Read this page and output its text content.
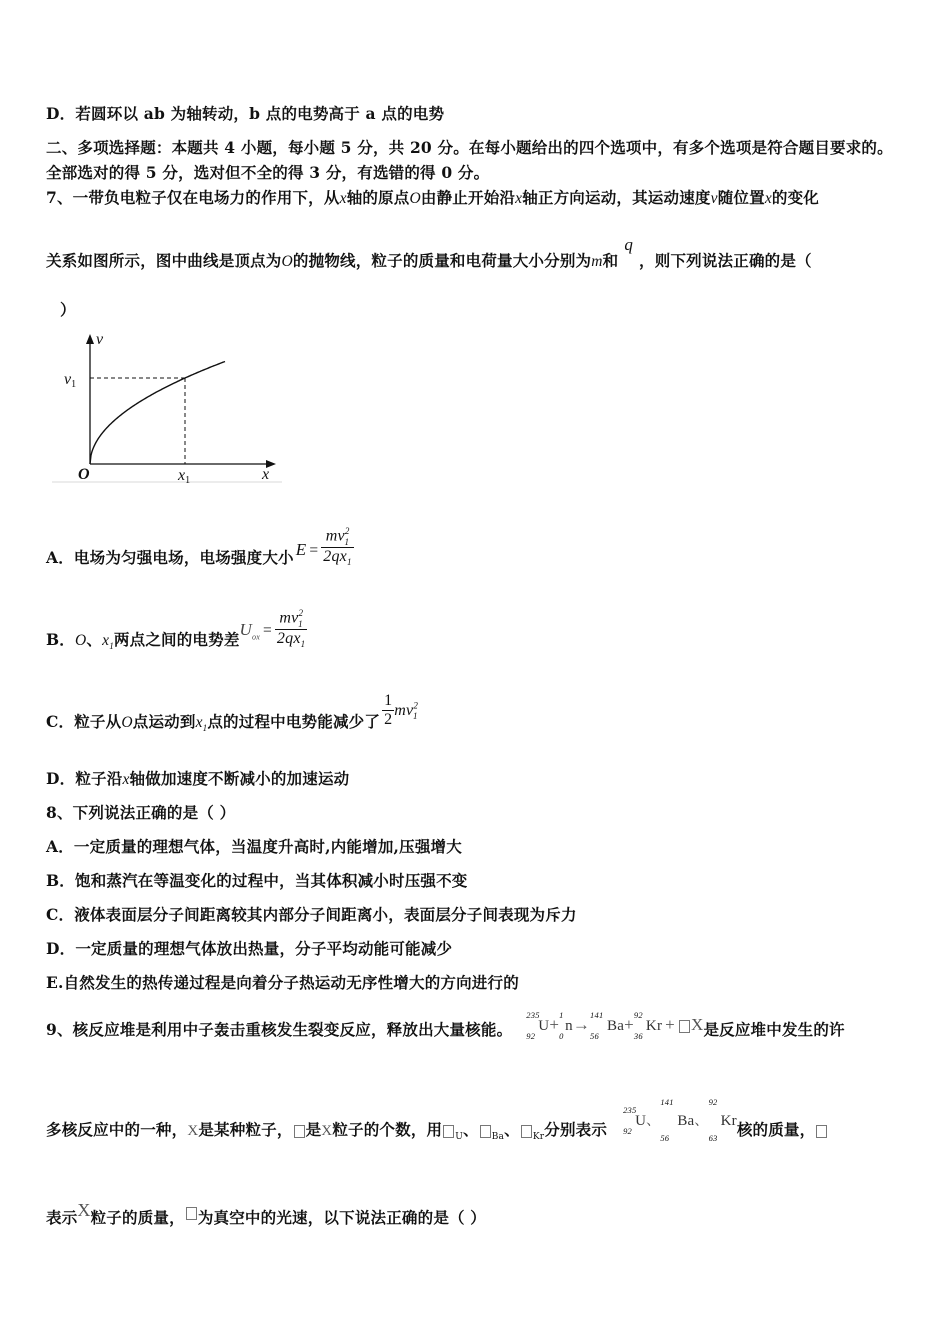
D．若圆环以 ab 为轴转动，b 点的电势高于 a 点的电势
二、多项选择题：本题共 4 小题，每小题 5 分，共 20 分。在每小题给出的四个选项中，有多个选项是符合题目要求的。
全部选对的得 5 分，选对但不全的得 3 分，有选错的得 0 分。
7、一带负电粒子仅在电场力的作用下，从x轴的原点O由静止开始沿x轴正方向运动，其运动速度v随位置x的变化
关系如图所示，图中曲线是顶点为O的抛物线，粒子的质量和电荷量大小分别为m和q，则下列说法正确的是（
）
v
x
O
v1
x1
A．电场为匀强电场，电场强度大小 $E = \frac{mv^2_1}{2qx_1}$
B．O、$x_1$两点之间的电势差$U_{ox} = \frac{mv^2_1}{2qx_1}$
C．粒子从O点运动到$x_1$点的过程中电势能减少了 $\frac{1}{2} mv^2_1$
D．粒子沿x轴做加速度不断减小的加速运动
8、下列说法正确的是（ ）
A．一定质量的理想气体，当温度升高时,内能增加,压强增大
B．饱和蒸汽在等温变化的过程中，当其体积减小时压强不变
C．液体表面层分子间距离较其内部分子间距离小，表面层分子间表现为斥力
D．一定质量的理想气体放出热量，分子平均动能可能减少
E.自然发生的热传递过程是向着分子热运动无序性增大的方向进行的
9、核反应堆是利用中子轰击重核发生裂变反应，释放出大量核能。
235
92
U+ 1
0
n→ 141
56
Ba+ 92
36
Kr + X是反应堆中发生的许
多核反应中的一种，X是某种粒子， 是X粒子的个数，用 $_U$、 $_{Ba}$、 $_{Kr}$分别表示
235
92
U、
141
56
Ba、
92
63
Kr核的质量，
表示X粒子的质量， 为真空中的光速，以下说法正确的是（ ）
